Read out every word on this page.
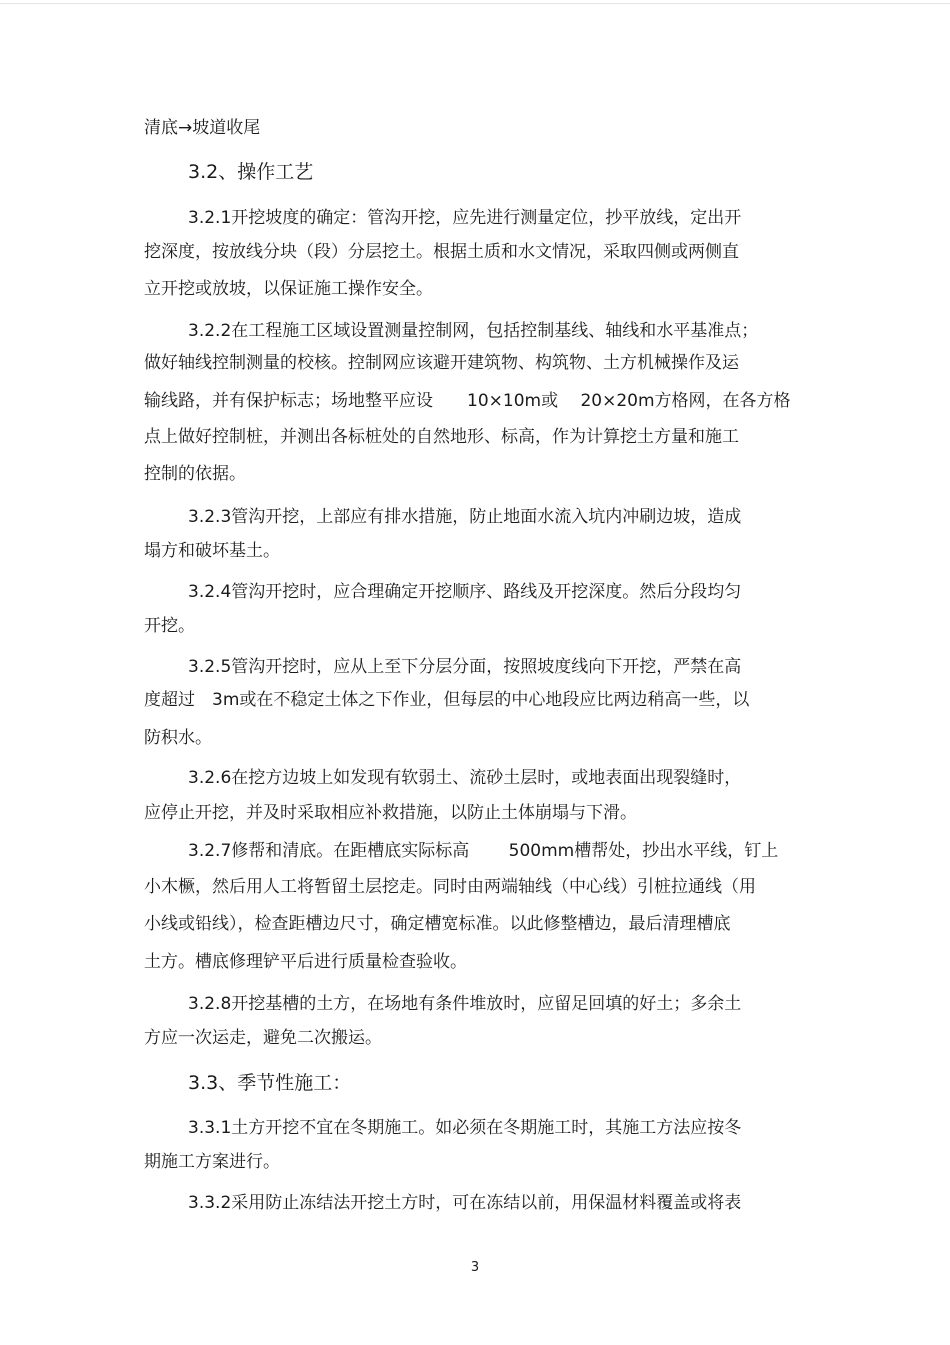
清底→坡道收尾

3.2、操作工艺

3.2.1开挖坡度的确定：管沟开挖，应先进行测量定位，抄平放线，定出开

挖深度，按放线分块（段）分层挖土。根据土质和水文情况，采取四侧或两侧直

立开挖或放坡，以保证施工操作安全。

3.2.2在工程施工区域设置测量控制网，包括控制基线、轴线和水平基准点；

做好轴线控制测量的校核。控制网应该避开建筑物、构筑物、土方机械操作及运

输线路，并有保护标志；场地整平应设　　10×10m或　 20×20m方格网，在各方格

点上做好控制桩，并测出各标桩处的自然地形、标高，作为计算挖土方量和施工

控制的依据。

3.2.3管沟开挖，上部应有排水措施，防止地面水流入坑内冲刷边坡，造成

塌方和破坏基土。

3.2.4管沟开挖时，应合理确定开挖顺序、路线及开挖深度。然后分段均匀

开挖。

3.2.5管沟开挖时，应从上至下分层分面，按照坡度线向下开挖，严禁在高

度超过　3m或在不稳定土体之下作业，但每层的中心地段应比两边稍高一些，以

防积水。

3.2.6在挖方边坡上如发现有软弱土、流砂土层时，或地表面出现裂缝时，

应停止开挖，并及时采取相应补救措施，以防止土体崩塌与下滑。

3.2.7修帮和清底。在距槽底实际标高　　 500mm槽帮处，抄出水平线，钉上

小木橛，然后用人工将暂留土层挖走。同时由两端轴线（中心线）引桩拉通线（用

小线或铅线），检查距槽边尺寸，确定槽宽标准。以此修整槽边，最后清理槽底

土方。槽底修理铲平后进行质量检查验收。

3.2.8开挖基槽的土方，在场地有条件堆放时，应留足回填的好土；多余土

方应一次运走，避免二次搬运。

3.3、季节性施工：

3.3.1土方开挖不宜在冬期施工。如必须在冬期施工时，其施工方法应按冬

期施工方案进行。

3.3.2采用防止冻结法开挖土方时，可在冻结以前，用保温材料覆盖或将表

3
